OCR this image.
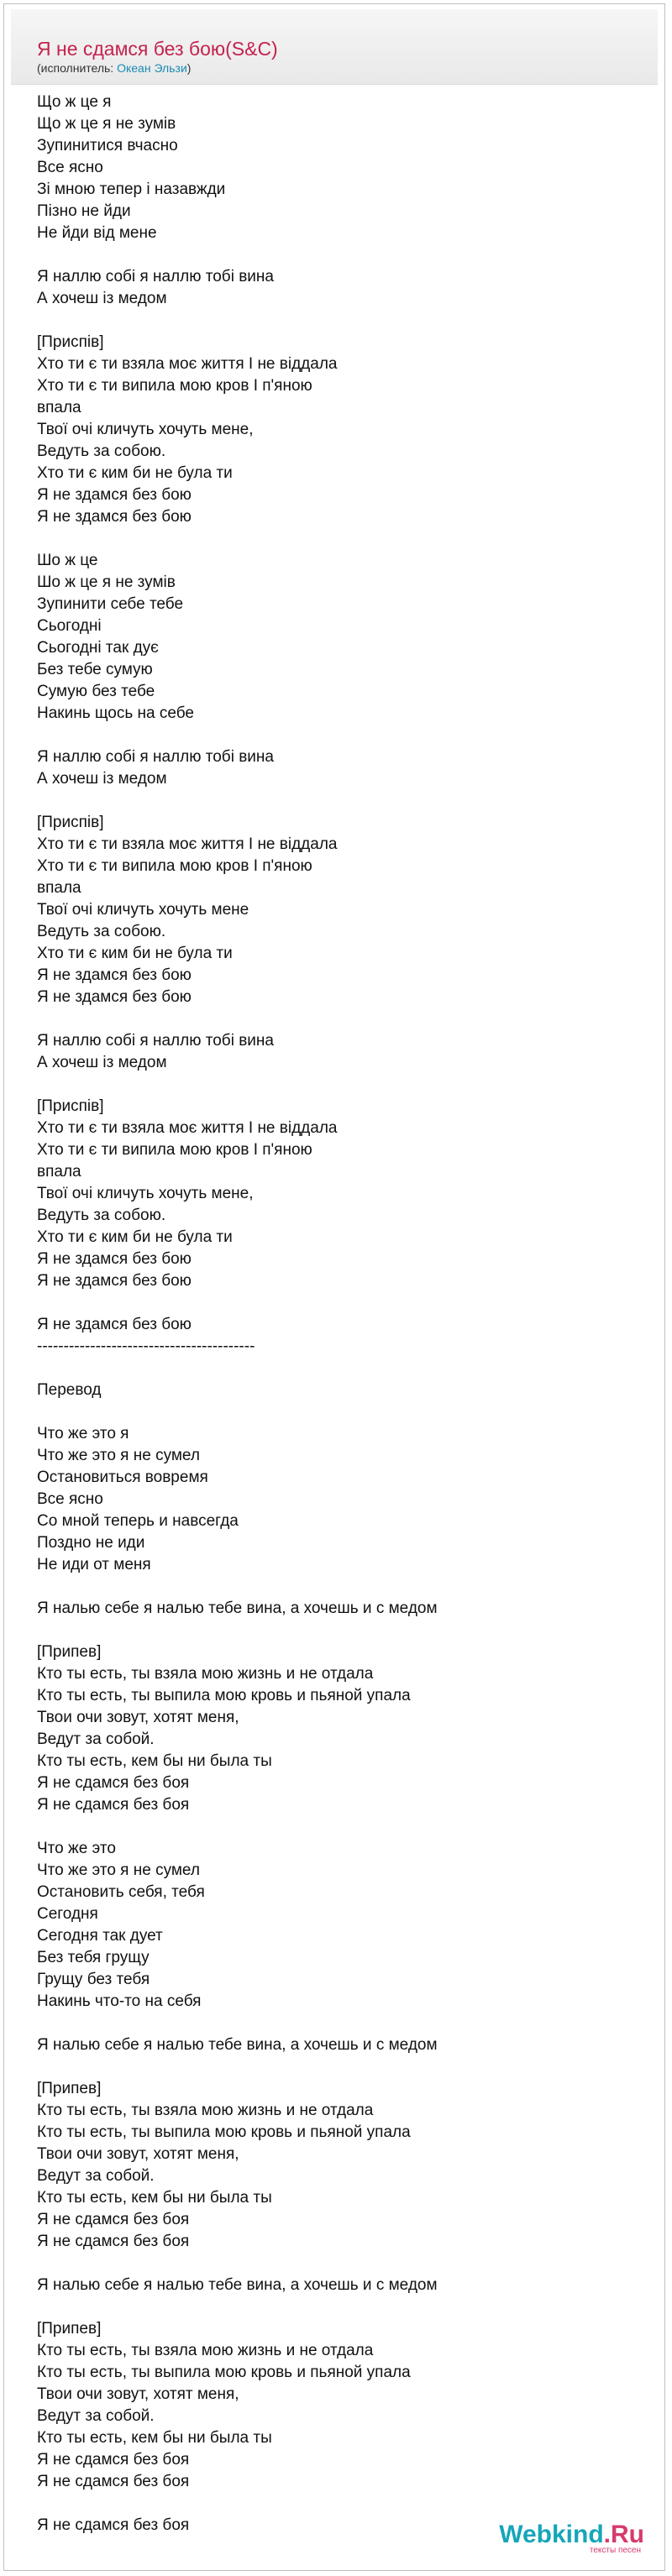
Я не сдамся без бою(S&C)
(исполнитель: Океан Эльзи)
Що ж це я
Що ж це я не зумів
Зупинитися вчасно
Все ясно
Зі мною тепер і назавжди
Пізно не йди
Не йди від мене
Я наллю собі я наллю тобі вина
А хочеш із медом
[Приспів]
Хто ти є ти взяла моє життя І не віддала
Хто ти є ти випила мою кров І п'яною
впала
Твої очі кличуть хочуть мене,
Ведуть за собою.
Хто ти є ким би не була ти
Я не здамся без бою
Я не здамся без бою
Шо ж це
Шо ж це я не зумів
Зупинити себе тебе
Сьогодні
Сьогодні так дує
Без тебе сумую
Сумую без тебе
Накинь щось на себе
Я наллю собі я наллю тобі вина
А хочеш із медом
[Приспів]
Хто ти є ти взяла моє життя І не віддала
Хто ти є ти випила мою кров І п'яною
впала
Твої очі кличуть хочуть мене
Ведуть за собою.
Хто ти є ким би не була ти
Я не здамся без бою
Я не здамся без бою
Я наллю собі я наллю тобі вина
А хочеш із медом
[Приспів]
Хто ти є ти взяла моє життя І не віддала
Хто ти є ти випила мою кров І п'яною
впала
Твої очі кличуть хочуть мене,
Ведуть за собою.
Хто ти є ким би не була ти
Я не здамся без бою
Я не здамся без бою
Я не здамся без бою
-----------------------------------------
Перевод
Что же это я
Что же это я не сумел
Остановиться вовремя
Все ясно
Со мной теперь и навсегда
Поздно не иди
Не иди от меня
Я налью себе я налью тебе вина, а хочешь и с медом
[Припев]
Кто ты есть, ты взяла мою жизнь и не отдала
Кто ты есть, ты выпила мою кровь и пьяной упала
Твои очи зовут, хотят меня,
Ведут за собой.
Кто ты есть, кем бы ни была ты
Я не сдамся без боя
Я не сдамся без боя
Что же это
Что же это я не сумел
Остановить себя, тебя
Сегодня
Сегодня так дует
Без тебя грущу
Грущу без тебя
Накинь что-то на себя
Я налью себе я налью тебе вина, а хочешь и с медом
[Припев]
Кто ты есть, ты взяла мою жизнь и не отдала
Кто ты есть, ты выпила мою кровь и пьяной упала
Твои очи зовут, хотят меня,
Ведут за собой.
Кто ты есть, кем бы ни была ты
Я не сдамся без боя
Я не сдамся без боя
Я налью себе я налью тебе вина, а хочешь и с медом
[Припев]
Кто ты есть, ты взяла мою жизнь и не отдала
Кто ты есть, ты выпила мою кровь и пьяной упала
Твои очи зовут, хотят меня,
Ведут за собой.
Кто ты есть, кем бы ни была ты
Я не сдамся без боя
Я не сдамся без боя
Я не сдамся без боя	Webkind.Ru
тексты песен
